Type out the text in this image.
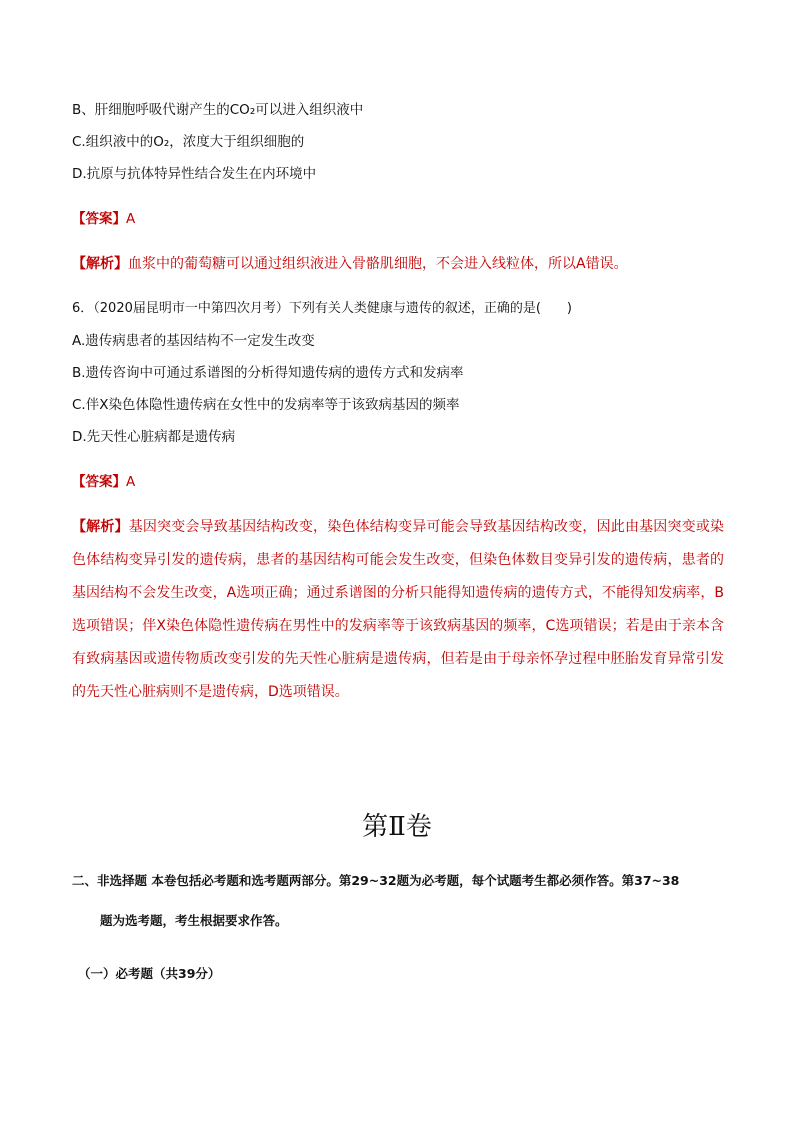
B、肝细胞呼吸代谢产生的CO₂可以进入组织液中
C.组织液中的O₂，浓度大于组织细胞的
D.抗原与抗体特异性结合发生在内环境中
【答案】A
【解析】血浆中的葡萄糖可以通过组织液进入骨骼肌细胞，不会进入线粒体，所以A错误。
6．（2020届昆明市一中第四次月考）下列有关人类健康与遗传的叙述，正确的是(　　)
A.遗传病患者的基因结构不一定发生改变
B.遗传咨询中可通过系谱图的分析得知遗传病的遗传方式和发病率
C.伴X染色体隐性遗传病在女性中的发病率等于该致病基因的频率
D.先天性心脏病都是遗传病
【答案】A
【解析】基因突变会导致基因结构改变，染色体结构变异可能会导致基因结构改变，因此由基因突变或染色体结构变异引发的遗传病，患者的基因结构可能会发生改变，但染色体数目变异引发的遗传病，患者的基因结构不会发生改变，A选项正确；通过系谱图的分析只能得知遗传病的遗传方式，不能得知发病率，B选项错误；伴X染色体隐性遗传病在男性中的发病率等于该致病基因的频率，C选项错误；若是由于亲本含有致病基因或遗传物质改变引发的先天性心脏病是遗传病，但若是由于母亲怀孕过程中胚胎发育异常引发的先天性心脏病则不是遗传病，D选项错误。
第Ⅱ卷
二、非选择题 本卷包括必考题和选考题两部分。第29~32题为必考题，每个试题考生都必须作答。第37~38
题为选考题，考生根据要求作答。
（一）必考题（共39分）
